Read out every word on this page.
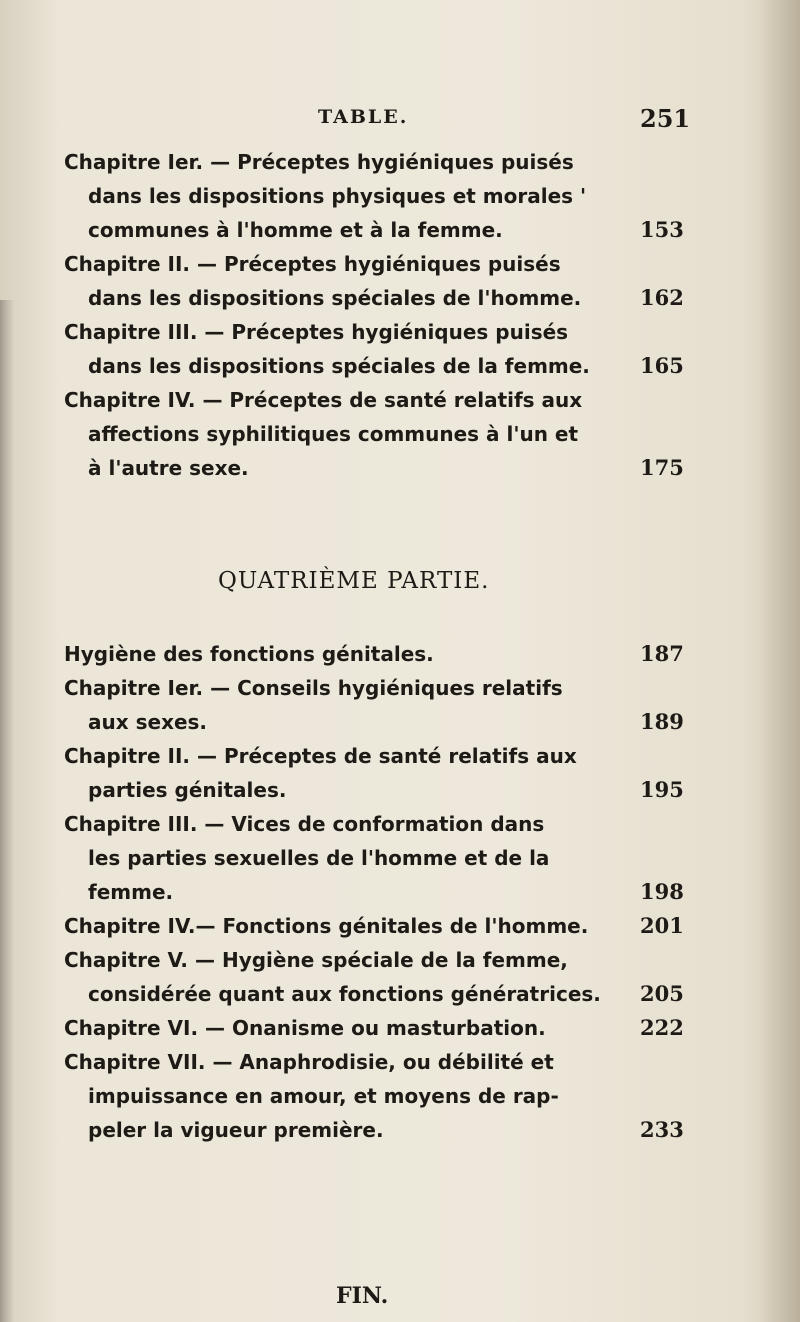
TABLE.	251
Chapitre Ier. — Préceptes hygiéniques puisés
dans les dispositions physiques et morales '
communes à l'homme et à la femme.	153
Chapitre II. — Préceptes hygiéniques puisés
dans les dispositions spéciales de l'homme.	162
Chapitre III. — Préceptes hygiéniques puisés
dans les dispositions spéciales de la femme. 165
Chapitre IV. — Préceptes de santé relatifs aux
affections syphilitiques communes à l'un et
à l'autre sexe.	175
QUATRIÈME PARTIE.
Hygiène des fonctions génitales.	187
Chapitre Ier. — Conseils hygiéniques relatifs
aux sexes.	189
Chapitre II. — Préceptes de santé relatifs aux
parties génitales.	195
Chapitre III. — Vices de conformation dans
les parties sexuelles de l'homme et de la
femme.	198
Chapitre IV.— Fonctions génitales de l'homme. 201
Chapitre V. — Hygiène spéciale de la femme,
considérée quant aux fonctions génératrices. 205
Chapitre VI. — Onanisme ou masturbation.	222
Chapitre VII. — Anaphrodisie, ou débilité et
impuissance en amour, et moyens de rap-
peler la vigueur première.	233
FIN.
